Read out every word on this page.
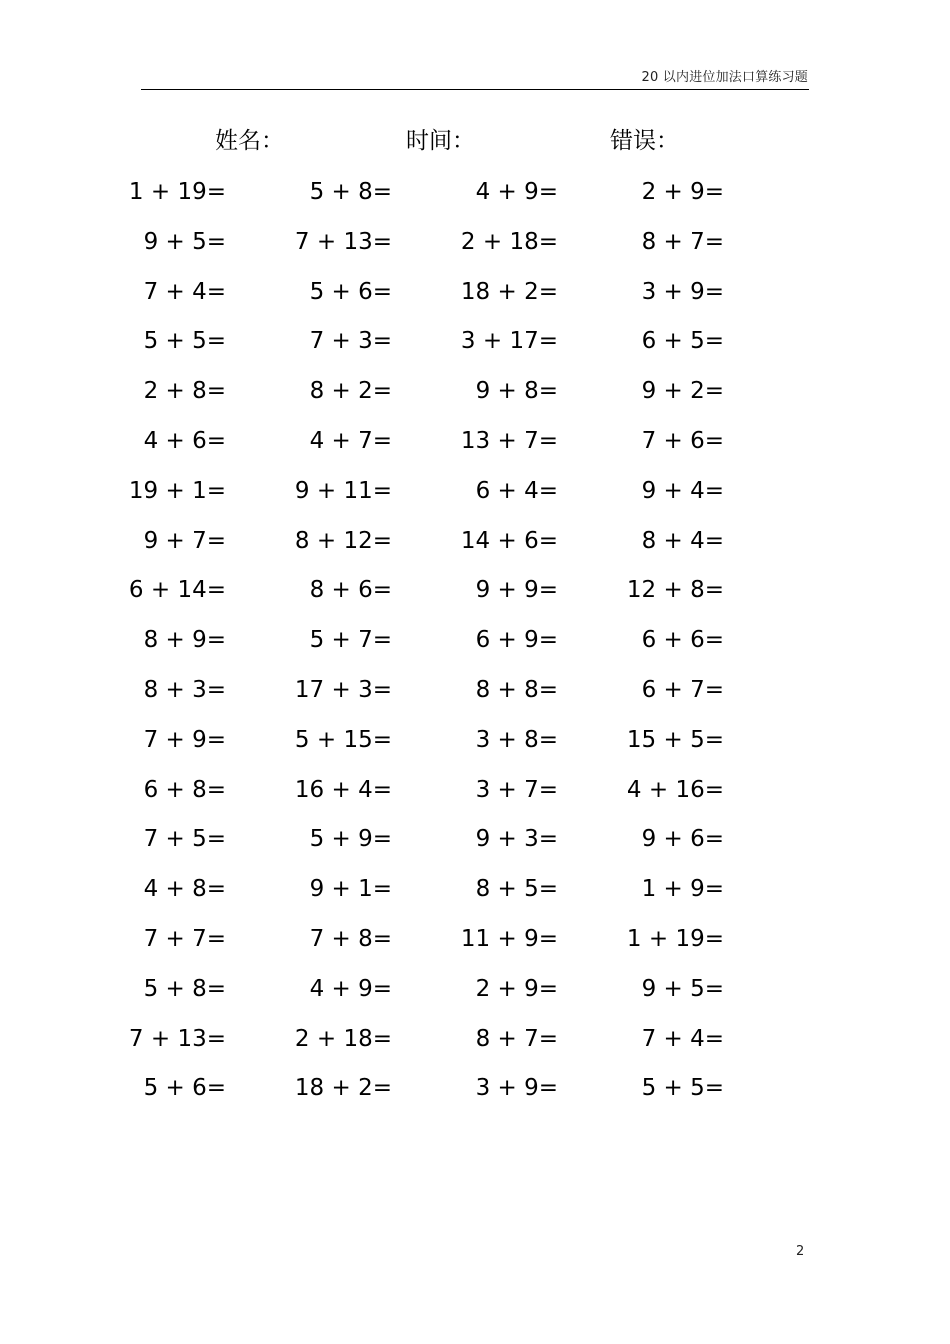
20 以内进位加法口算练习题
姓名：	时间：	错误：
1 + 19=	5 + 8=	4 + 9=	2 + 9=
9 + 5=	7 + 13=	2 + 18=	8 + 7=
7 + 4=	5 + 6=	18 + 2=	3 + 9=
5 + 5=	7 + 3=	3 + 17=	6 + 5=
2 + 8=	8 + 2=	9 + 8=	9 + 2=
4 + 6=	4 + 7=	13 + 7=	7 + 6=
19 + 1=	9 + 11=	6 + 4=	9 + 4=
9 + 7=	8 + 12=	14 + 6=	8 + 4=
6 + 14=	8 + 6=	9 + 9=	12 + 8=
8 + 9=	5 + 7=	6 + 9=	6 + 6=
8 + 3=	17 + 3=	8 + 8=	6 + 7=
7 + 9=	5 + 15=	3 + 8=	15 + 5=
6 + 8=	16 + 4=	3 + 7=	4 + 16=
7 + 5=	5 + 9=	9 + 3=	9 + 6=
4 + 8=	9 + 1=	8 + 5=	1 + 9=
7 + 7=	7 + 8=	11 + 9=	1 + 19=
5 + 8=	4 + 9=	2 + 9=	9 + 5=
7 + 13=	2 + 18=	8 + 7=	7 + 4=
5 + 6=	18 + 2=	3 + 9=	5 + 5=
2
